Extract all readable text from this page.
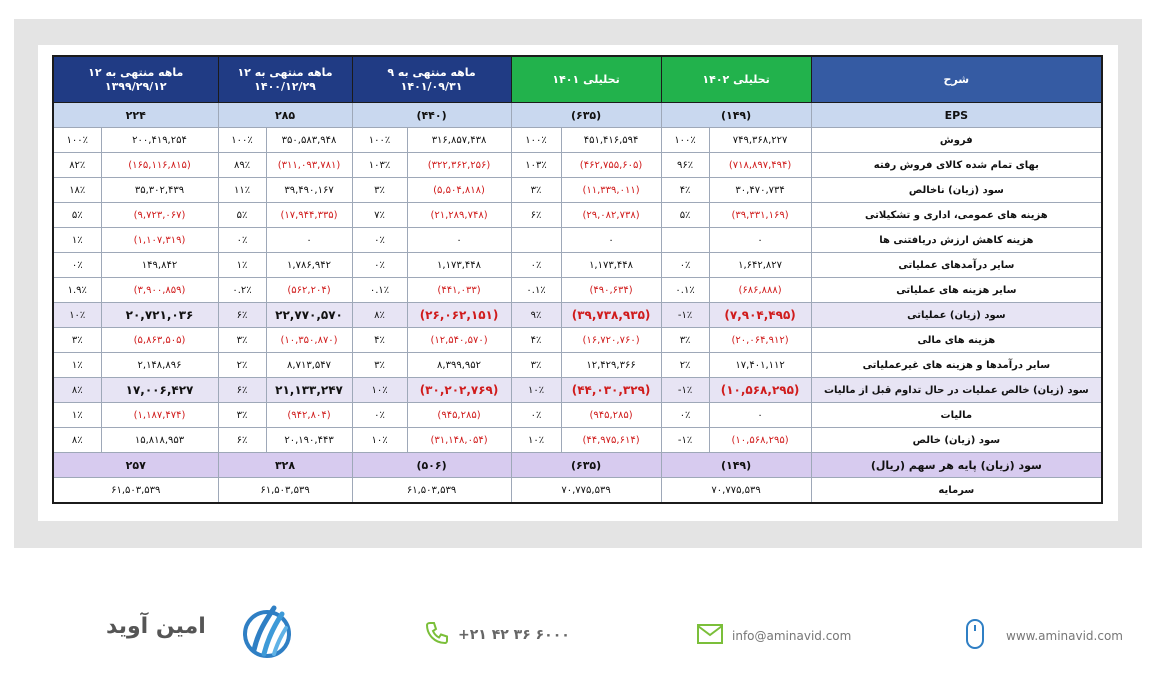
۱۲ ماهه منتهی به ۱۳۹۹/۲۹/۱۲		۱۲ ماهه منتهی به ۱۴۰۰/۱۲/۲۹		۹ ماهه منتهی به ۱۴۰۱/۰۹/۳۱		تحلیلی ۱۴۰۱		تحلیلی ۱۴۰۲		شرح
۲۲۴		۲۸۵		(۴۴۰)		(۶۳۵)		(۱۴۹)		EPS
۱۰۰٪	۲۰۰,۴۱۹,۲۵۴	۱۰۰٪	۳۵۰,۵۸۳,۹۴۸	۱۰۰٪	۳۱۶,۸۵۷,۴۳۸	۱۰۰٪	۴۵۱,۴۱۶,۵۹۴	۱۰۰٪	۷۴۹,۳۶۸,۲۲۷	فروش
۸۲٪	(۱۶۵,۱۱۶,۸۱۵)	۸۹٪	(۳۱۱,۰۹۳,۷۸۱)	۱۰۳٪	(۳۲۲,۳۶۲,۲۵۶)	۱۰۳٪	(۴۶۲,۷۵۵,۶۰۵)	۹۶٪	(۷۱۸,۸۹۷,۴۹۴)	بهای تمام شده کالای فروش رفته
۱۸٪	۳۵,۳۰۲,۴۳۹	۱۱٪	۳۹,۴۹۰,۱۶۷	۳٪	(۵,۵۰۴,۸۱۸)	۳٪	(۱۱,۳۳۹,۰۱۱)	۴٪	۳۰,۴۷۰,۷۳۴	سود (زیان) ناخالص
۵٪	(۹,۷۲۳,۰۶۷)	۵٪	(۱۷,۹۴۴,۳۳۵)	۷٪	(۲۱,۲۸۹,۷۴۸)	۶٪	(۲۹,۰۸۲,۷۳۸)	۵٪	(۳۹,۳۳۱,۱۶۹)	هزینه های عمومی، اداری و تشکیلاتی
۱٪	(۱,۱۰۷,۳۱۹)	۰٪	۰	۰٪	۰		۰		۰	هزینه کاهش ارزش دریافتنی ها
۰٪	۱۴۹,۸۴۲	۱٪	۱,۷۸۶,۹۴۲	۰٪	۱,۱۷۳,۴۴۸	۰٪	۱,۱۷۳,۴۴۸	۰٪	۱,۶۴۲,۸۲۷	سایر درآمدهای عملیاتی
۱.۹٪	(۳,۹۰۰,۸۵۹)	۰.۲٪	(۵۶۲,۲۰۴)	۰.۱٪	(۴۴۱,۰۳۳)	۰.۱٪	(۴۹۰,۶۳۴)	۰.۱٪	(۶۸۶,۸۸۸)	سایر هزینه های عملیاتی
۱۰٪	۲۰,۷۲۱,۰۳۶	۶٪	۲۲,۷۷۰,۵۷۰	۸٪	(۲۶,۰۶۲,۱۵۱)	۹٪	(۳۹,۷۳۸,۹۳۵)	-۱٪	(۷,۹۰۴,۴۹۵)	سود (زیان) عملیاتی
۳٪	(۵,۸۶۳,۵۰۵)	۳٪	(۱۰,۳۵۰,۸۷۰)	۴٪	(۱۲,۵۴۰,۵۷۰)	۴٪	(۱۶,۷۲۰,۷۶۰)	۳٪	(۲۰,۰۶۴,۹۱۲)	هزینه های مالی
۱٪	۲,۱۴۸,۸۹۶	۲٪	۸,۷۱۳,۵۴۷	۳٪	۸,۳۹۹,۹۵۲	۳٪	۱۲,۴۲۹,۳۶۶	۲٪	۱۷,۴۰۱,۱۱۲	سایر درآمدها و هزینه های غیرعملیاتی
۸٪	۱۷,۰۰۶,۴۲۷	۶٪	۲۱,۱۳۳,۲۴۷	۱۰٪	(۳۰,۲۰۲,۷۶۹)	۱۰٪	(۴۴,۰۳۰,۳۲۹)	-۱٪	(۱۰,۵۶۸,۲۹۵)	سود (زیان) خالص عملیات در حال تداوم قبل از مالیات
۱٪	(۱,۱۸۷,۴۷۴)	۳٪	(۹۴۲,۸۰۴)	۰٪	(۹۴۵,۲۸۵)	۰٪	(۹۴۵,۲۸۵)	۰٪	۰	مالیات
۸٪	۱۵,۸۱۸,۹۵۳	۶٪	۲۰,۱۹۰,۴۴۳	۱۰٪	(۳۱,۱۴۸,۰۵۴)	۱۰٪	(۴۴,۹۷۵,۶۱۴)	-۱٪	(۱۰,۵۶۸,۲۹۵)	سود (زیان) خالص
۲۵۷		۳۲۸		(۵۰۶)		(۶۳۵)		(۱۴۹)		سود (زیان) پایه هر سهم (ریال)
۶۱,۵۰۳,۵۳۹		۶۱,۵۰۳,۵۳۹		۶۱,۵۰۳,۵۳۹		۷۰,۷۷۵,۵۳۹		۷۰,۷۷۵,۵۳۹		سرمایه
امین آوید	+۲۱ ۴۲ ۳۶ ۶۰۰۰	info@aminavid.com	www.aminavid.com
